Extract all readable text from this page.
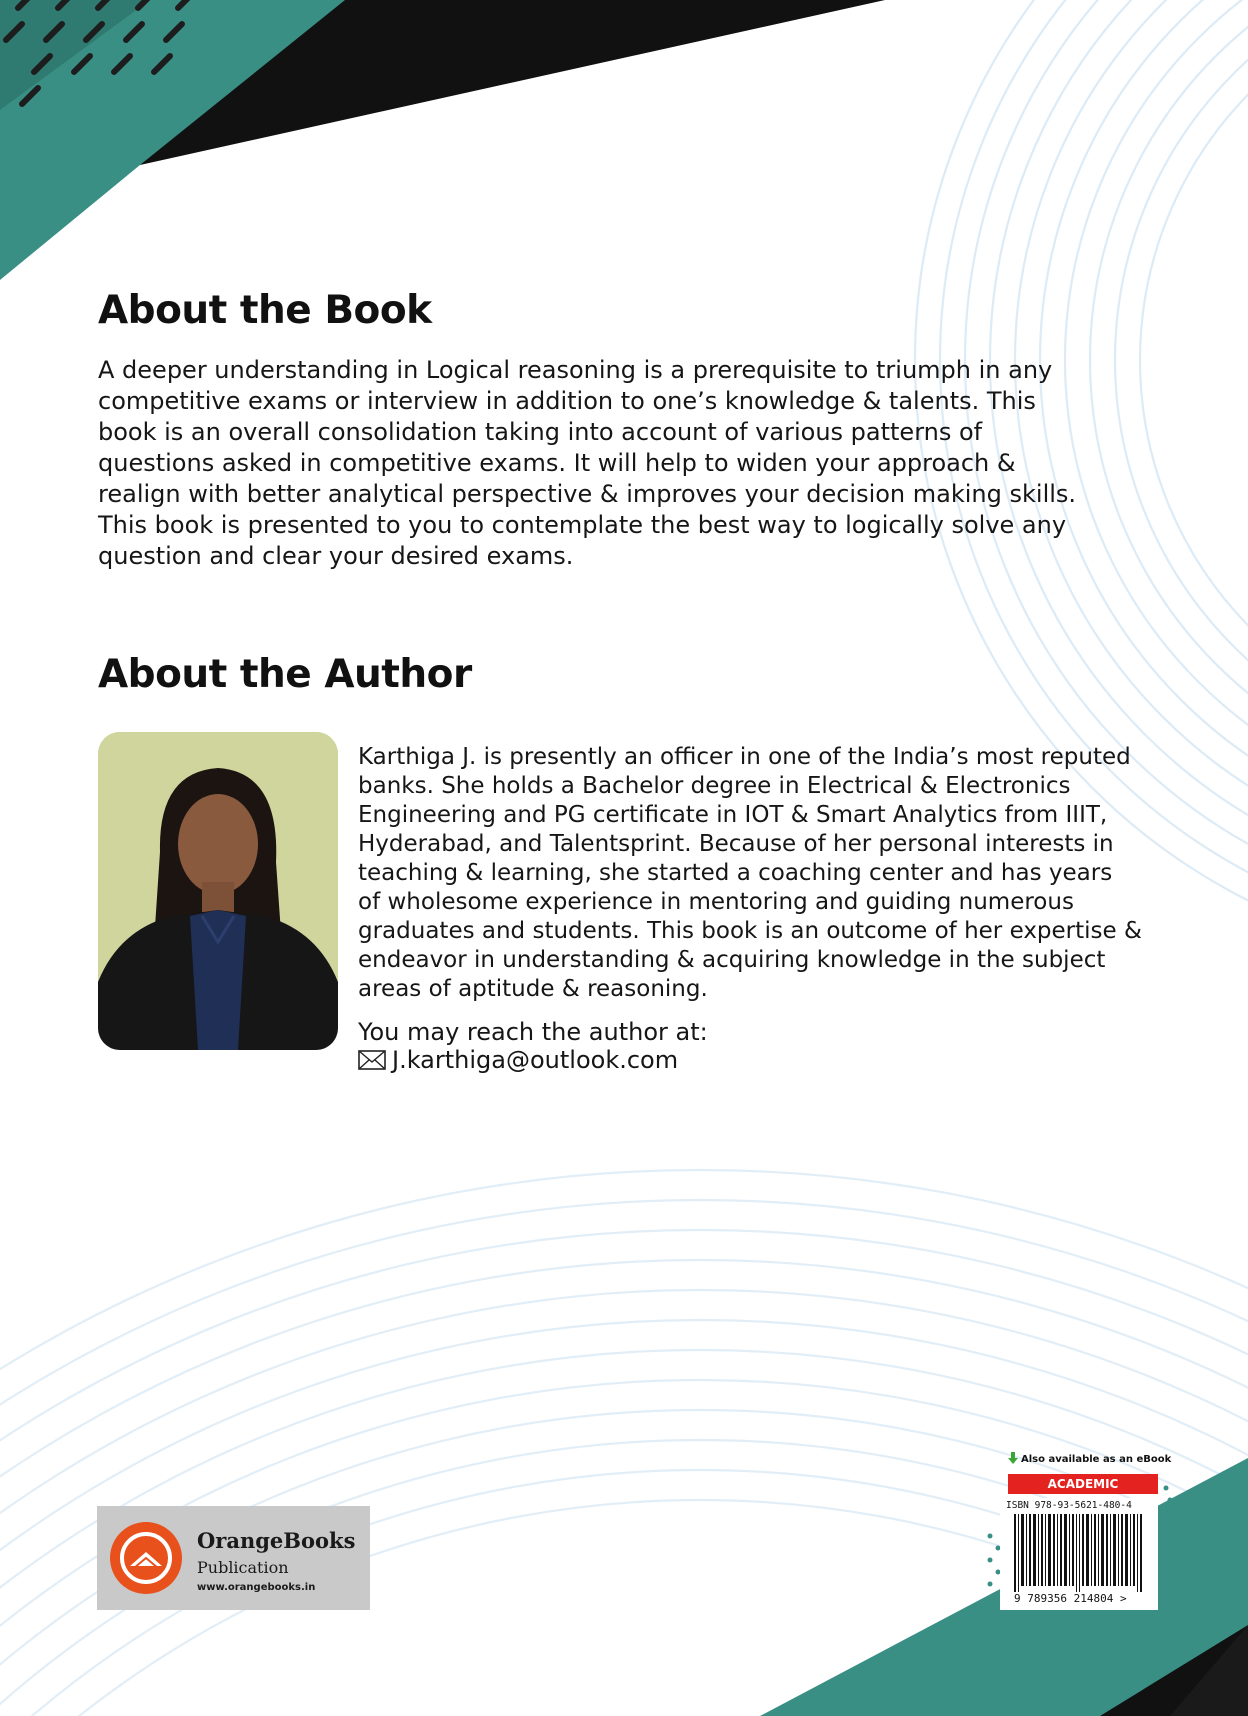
About the Book
A deeper understanding in Logical reasoning is a prerequisite to triumph in any
competitive exams or interview in addition to one’s knowledge & talents. This
book is an overall consolidation taking into account of various patterns of
questions asked in competitive exams. It will help to widen your approach &
realign with better analytical perspective & improves your decision making skills.
This book is presented to you to contemplate the best way to logically solve any
question and clear your desired exams.
About the Author
Karthiga J. is presently an officer in one of the India’s most reputed
banks. She holds a Bachelor degree in Electrical & Electronics
Engineering and PG certificate in IOT & Smart Analytics from IIIT,
Hyderabad, and Talentsprint. Because of her personal interests in
teaching & learning, she started a coaching center and has years
of wholesome experience in mentoring and guiding numerous
graduates and students. This book is an outcome of her expertise &
endeavor in understanding & acquiring knowledge in the subject
areas of aptitude & reasoning.
You may reach the author at:
J.karthiga@outlook.com
OrangeBooks
Publication
www.orangebooks.in
Also available as an eBook
ACADEMIC
ISBN 978-93-5621-480-4
9 789356 214804 >
